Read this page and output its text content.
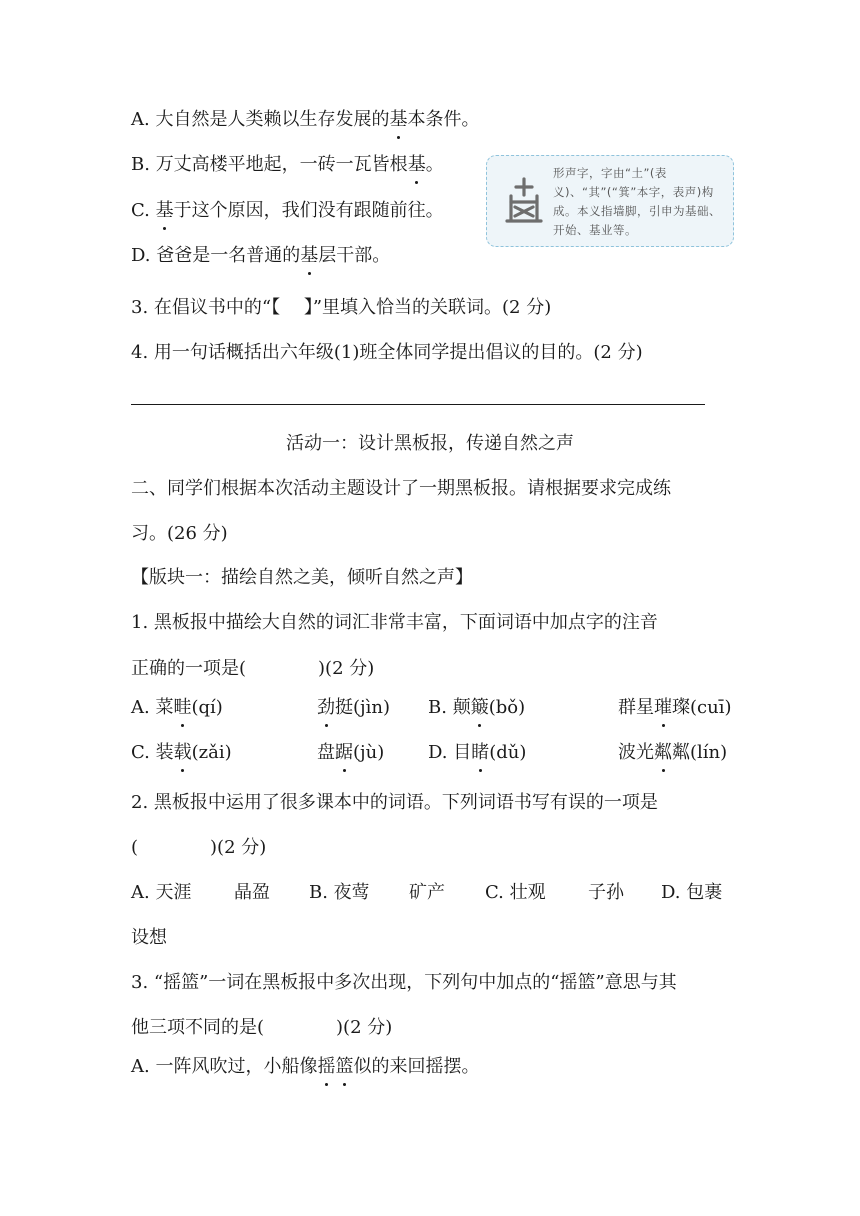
A. 大自然是人类赖以生存发展的基本条件。
B. 万丈高楼平地起，一砖一瓦皆根基。
C. 基于这个原因，我们没有跟随前往。
D. 爸爸是一名普通的基层干部。
形声字，字由“土”(表义)、“其”(“箕”本字，表声)构成。本义指墙脚，引申为基础、开始、基业等。
3. 在倡议书中的“【　 】”里填入恰当的关联词。(2 分)
4. 用一句话概括出六年级(1)班全体同学提出倡议的目的。(2 分)
活动一：设计黑板报，传递自然之声
二、同学们根据本次活动主题设计了一期黑板报。请根据要求完成练
习。(26 分)
【版块一：描绘自然之美，倾听自然之声】
1. 黑板报中描绘大自然的词汇非常丰富，下面词语中加点字的注音
正确的一项是(　　　　)(2 分)
A. 菜畦(qí)	劲挺(jìn) B. 颠簸(bǒ)	群星璀璨(cuī)
C. 装载(zǎi)	盘踞(jù) D. 目睹(dǔ)	波光粼粼(lín)
2. 黑板报中运用了很多课本中的词语。下列词语书写有误的一项是
(　　　　)(2 分)
A. 天涯 晶盈 B. 夜莺 矿产 C. 壮观 子孙 D. 包裹
设想
3. “摇篮”一词在黑板报中多次出现，下列句中加点的“摇篮”意思与其
他三项不同的是(　　　　)(2 分)
A. 一阵风吹过，小船像摇篮似的来回摇摆。
